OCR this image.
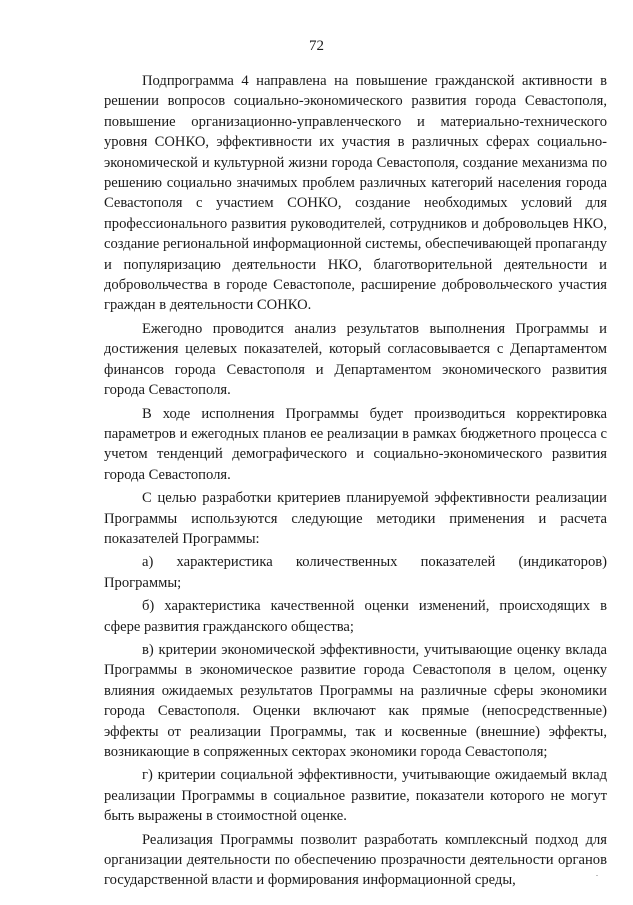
72

Подпрограмма 4 направлена на повышение гражданской активности в решении вопросов социально-экономического развития города Севастополя, повышение организационно-управленческого и материально-технического уровня СОНКО, эффективности их участия в различных сферах социально-экономической и культурной жизни города Севастополя, создание механизма по решению социально значимых проблем различных категорий населения города Севастополя с участием СОНКО, создание необходимых условий для профессионального развития руководителей, сотрудников и добровольцев НКО, создание региональной информационной системы, обеспечивающей пропаганду и популяризацию деятельности НКО, благотворительной деятельности и добровольчества в городе Севастополе, расширение добровольческого участия граждан в деятельности СОНКО.

Ежегодно проводится анализ результатов выполнения Программы и достижения целевых показателей, который согласовывается с Департаментом финансов города Севастополя и Департаментом экономического развития города Севастополя.

В ходе исполнения Программы будет производиться корректировка параметров и ежегодных планов ее реализации в рамках бюджетного процесса с учетом тенденций демографического и социально-экономического развития города Севастополя.

С целью разработки критериев планируемой эффективности реализации Программы используются следующие методики применения и расчета показателей Программы:

а) характеристика количественных показателей (индикаторов) Программы;

б) характеристика качественной оценки изменений, происходящих в сфере развития гражданского общества;

в) критерии экономической эффективности, учитывающие оценку вклада Программы в экономическое развитие города Севастополя в целом, оценку влияния ожидаемых результатов Программы на различные сферы экономики города Севастополя. Оценки включают как прямые (непосредственные) эффекты от реализации Программы, так и косвенные (внешние) эффекты, возникающие в сопряженных секторах экономики города Севастополя;

г) критерии социальной эффективности, учитывающие ожидаемый вклад реализации Программы в социальное развитие, показатели которого не могут быть выражены в стоимостной оценке.

Реализация Программы позволит разработать комплексный подход для организации деятельности по обеспечению прозрачности деятельности органов государственной власти и формирования информационной среды,	.
